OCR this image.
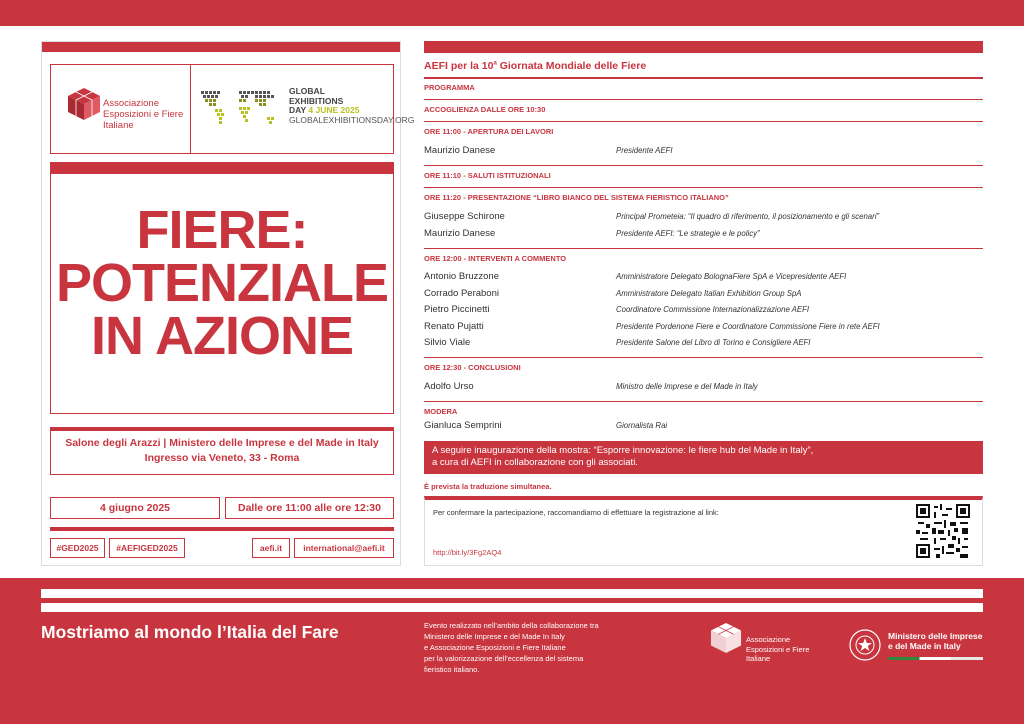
Associazione Esposizioni e Fiere Italiane
GLOBAL
EXHIBITIONS
DAY 4 JUNE 2025
GLOBALEXHIBITIONSDAY.ORG
FIERE:
POTENZIALE
IN AZIONE
Salone degli Arazzi | Ministero delle Imprese e del Made in Italy
Ingresso via Veneto, 33 - Roma
4 giugno 2025	Dalle ore 11:00 alle ore 12:30
#GED2025	#AEFIGED2025	aefi.it	international@aefi.it
AEFI per la 10$^a$ Giornata Mondiale delle Fiere
PROGRAMMA
ACCOGLIENZA DALLE ORE 10:30
ORE 11:00 - APERTURA DEI LAVORI
Maurizio Danese	Presidente AEFI
ORE 11:10 - SALUTI ISTITUZIONALI
ORE 11:20 - PRESENTAZIONE “LIBRO BIANCO DEL SISTEMA FIERISTICO ITALIANO”
Giuseppe Schirone	Principal Prometeia: “Il quadro di riferimento, il posizionamento e gli scenari”
Maurizio Danese	Presidente AEFI: “Le strategie e le policy”
ORE 12:00 - INTERVENTI A COMMENTO
Antonio Bruzzone	Amministratore Delegato BolognaFiere SpA e Vicepresidente AEFI
Corrado Peraboni	Amministratore Delegato Italian Exhibition Group SpA
Pietro Piccinetti	Coordinatore Commissione Internazionalizzazione AEFI
Renato Pujatti	Presidente Pordenone Fiere e Coordinatore Commissione Fiere in rete AEFI
Silvio Viale	Presidente Salone del Libro di Torino e Consigliere AEFI
ORE 12:30 - CONCLUSIONI
Adolfo Urso	Ministro delle Imprese e del Made in Italy
MODERA
Gianluca Semprini	Giornalista Rai
A seguire inaugurazione della mostra: “Esporre innovazione: le fiere hub del Made in Italy”,
a cura di AEFI in collaborazione con gli associati.
È prevista la traduzione simultanea.
Per confermare la partecipazione, raccomandiamo di effettuare la registrazione al link:
http://bit.ly/3Fg2AQ4
Mostriamo al mondo l’Italia del Fare	Evento realizzato nell’ambito della collaborazione tra
Ministero delle Imprese e del Made In Italy
e Associazione Esposizioni e Fiere Italiane
per la valorizzazione dell’eccellenza del sistema
fieristico italiano.
Associazione
Esposizioni e Fiere
Italiane
Ministero delle Imprese
e del Made in Italy
